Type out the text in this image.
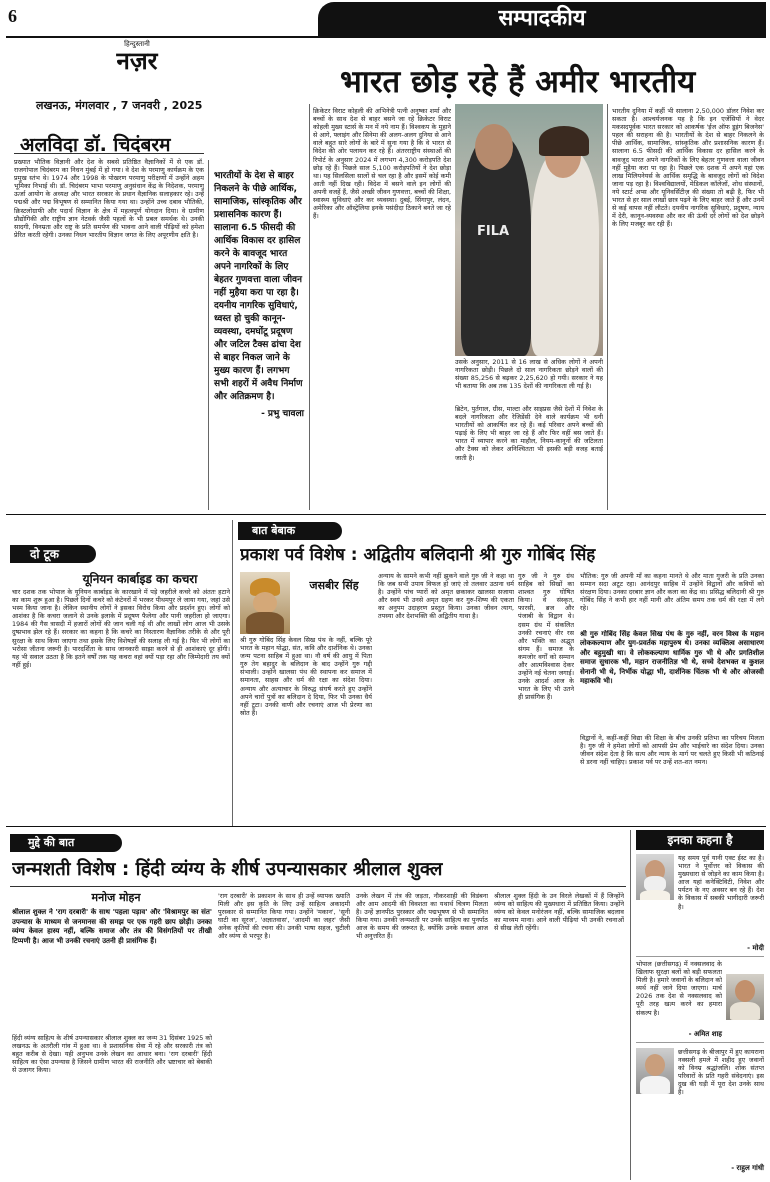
6	सम्पादकीय
हिन्दुस्तानी
नज़र
लखनऊ, मंगलवार , 7 जनवरी , 2025
भारत छोड़ रहे हैं अमीर भारतीय
क्रिकेटर विराट कोहली की अभिनेत्री पत्नी अनुष्का शर्मा और बच्चों के साथ देश से बाहर बसने जा रहे क्रिकेटर विराट कोहली मुख्य स्टार्स के मन में नये नाम हैं। विश्वकप के मुहाने से आगे, फ्लाइंग और सिनेमा की अलग-अलग दुनिया से आने वाले बहुत सारे लोगों के बारे में सुना गया है कि वे भारत से विदेश की ओर पलायन कर रहे हैं। अंतरराष्ट्रीय संस्थाओं की रिपोर्ट के अनुसार 2024 में लगभग 4,300 करोड़पति देश छोड़ रहे हैं। पिछले साल 5,100 करोड़पतियों ने देश छोड़ा था। यह सिलसिला सालों से चल रहा है और इसमें कोई कमी आती नहीं दिख रही। विदेश में बसने वाले इन लोगों की अपनी वजहें हैं, जैसे अच्छी जीवन गुणवत्ता, बच्चों की शिक्षा, स्वास्थ्य सुविधाएं और कर व्यवस्था। दुबई, सिंगापुर, लंदन, अमेरिका और ऑस्ट्रेलिया इनके पसंदीदा ठिकाने बनते जा रहे हैं।
FILA
उसके अनुसार, 2011 से 16 लाख से अधिक लोगों ने अपनी नागरिकता छोड़ी। पिछले दो साल नागरिकता छोड़ने वालों की संख्या 85,256 से बढ़कर 2,25,620 हो गयी। सरकार ने यह भी बताया कि अब तक 135 देशों की नागरिकता ली गई है।
ब्रिटेन, पुर्तगाल, ग्रीस, माल्टा और साइप्रस जैसे देशों में निवेश के बदले नागरिकता और रेजिडेंसी देने वाले कार्यक्रम भी धनी भारतीयों को आकर्षित कर रहे हैं। कई परिवार अपने बच्चों की पढ़ाई के लिए भी बाहर जा रहे हैं और फिर वहीं बस जाते हैं। भारत में व्यापार करने का माहौल, नियम-कानूनों की जटिलता और टैक्स को लेकर अनिश्चितता भी इसकी बड़ी वजह बताई जाती है।
भारतीय दुनिया में कहीं भी सालाना 2,50,000 डॉलर निवेश कर सकता है। आश्चर्यजनक यह है कि इन एजेंसियों ने वेदर मकसदपूर्वक भारत सरकार को आकर्षक 'ईज ऑफ डूइंग बिजनेस' पहल की सराहना की है। भारतीयों के देश से बाहर निकलने के पीछे आर्थिक, सामाजिक, सांस्कृतिक और प्रशासनिक कारण हैं। सालाना 6.5 फीसदी की आर्थिक विकास दर हासिल करने के बावजूद भारत अपने नागरिकों के लिए बेहतर गुणवत्ता वाला जीवन नहीं मुहैया करा पा रहा है। पिछले एक दशक में अपने यहां एक लाख मिलियनेयर्स के आर्थिक समृद्धि के बावजूद लोगों को विदेश जाना पड़ रहा है। विश्वविद्यालयों, मेडिकल कॉलेजों, शोध संस्थानों, नये स्टार्ट अप्स और यूनिवर्सिटीज़ की संख्या तो बढ़ी है, फिर भी भारत से हर साल लाखों छात्र पढ़ने के लिए बाहर जाते हैं और उनमें से कई वापस नहीं लौटते। दयनीय नागरिक सुविधाएं, प्रदूषण, न्याय में देरी, कानून-व्यवस्था और कर की ऊंची दरें लोगों को देश छोड़ने के लिए मजबूर कर रही हैं।
भारतीयों के देश से बाहर निकलने के पीछे आर्थिक, सामाजिक, सांस्कृतिक और प्रशासनिक कारण हैं। सालाना 6.5 फीसदी की आर्थिक विकास दर हासिल करने के बावजूद भारत अपने नागरिकों के लिए बेहतर गुणवत्ता वाला जीवन नहीं मुहैया करा पा रहा है। दयनीय नागरिक सुविधाएं, ध्वस्त हो चुकी कानून-व्यवस्था, दमघोंटू प्रदूषण और जटिल टैक्स ढांचा देश से बाहर निकल जाने के मुख्य कारण हैं। लगभग सभी शहरों में अवैध निर्माण और अतिक्रमण है।
- प्रभु चावला
अलविदा डॉ. चिदंबरम
प्रख्यात भौतिक विज्ञानी और देश के सबसे प्रतिष्ठित वैज्ञानिकों में से एक डॉ. राजगोपाल चिदंबरम का निधन मुंबई में हो गया। वे देश के परमाणु कार्यक्रम के एक प्रमुख स्तंभ थे। 1974 और 1998 के पोखरण परमाणु परीक्षणों में उन्होंने अहम भूमिका निभाई थी। डॉ. चिदंबरम भाभा परमाणु अनुसंधान केंद्र के निदेशक, परमाणु ऊर्जा आयोग के अध्यक्ष और भारत सरकार के प्रधान वैज्ञानिक सलाहकार रहे। उन्हें पद्मश्री और पद्म विभूषण से सम्मानित किया गया था। उन्होंने उच्च दबाव भौतिकी, क्रिस्टलोग्राफी और पदार्थ विज्ञान के क्षेत्र में महत्वपूर्ण योगदान दिया। वे ग्रामीण प्रौद्योगिकी और राष्ट्रीय ज्ञान नेटवर्क जैसी पहलों के भी प्रबल समर्थक थे। उनकी सादगी, विनम्रता और राष्ट्र के प्रति समर्पण की भावना आने वाली पीढ़ियों को हमेशा प्रेरित करती रहेगी। उनका निधन भारतीय विज्ञान जगत के लिए अपूरणीय क्षति है।
दो टूक
यूनियन कार्बाइड का कचरा
चार दशक तक भोपाल के यूनियन कार्बाइड के कारखाने में पड़े जहरीले कचरे को अंततः हटाने का काम शुरू हुआ है। पिछले दिनों कचरे को कंटेनरों में भरकर पीथमपुर ले जाया गया, जहां उसे भस्म किया जाना है। लेकिन स्थानीय लोगों ने इसका विरोध किया और प्रदर्शन हुए। लोगों को आशंका है कि कचरा जलाने से उनके इलाके में प्रदूषण फैलेगा और पानी जहरीला हो जाएगा। 1984 की गैस त्रासदी में हजारों लोगों की जान चली गई थी और लाखों लोग आज भी उसके दुष्प्रभाव झेल रहे हैं। सरकार का कहना है कि कचरे का निस्तारण वैज्ञानिक तरीके से और पूरी सुरक्षा के साथ किया जाएगा तथा इसके लिए विशेषज्ञों की सलाह ली गई है। फिर भी लोगों का भरोसा जीतना जरूरी है। पारदर्शिता के साथ जानकारी साझा करने से ही आशंकाएं दूर होंगी। यह भी सवाल उठता है कि इतने वर्षों तक यह कचरा वहां क्यों पड़ा रहा और जिम्मेदारी तय क्यों नहीं हुई।
बात बेबाक
प्रकाश पर्व विशेष : अद्वितीय बलिदानी श्री गुरु गोबिंद सिंह
जसबीर सिंह
श्री गुरु गोबिंद सिंह केवल सिख पंथ के नहीं, बल्कि पूरे भारत के महान योद्धा, संत, कवि और दार्शनिक थे। उनका जन्म पटना साहिब में हुआ था। नौ वर्ष की आयु में पिता गुरु तेग बहादुर के बलिदान के बाद उन्होंने गुरु गद्दी संभाली। उन्होंने खालसा पंथ की स्थापना कर समाज में समानता, साहस और धर्म की रक्षा का संदेश दिया। अन्याय और अत्याचार के विरुद्ध संघर्ष करते हुए उन्होंने अपने चारों पुत्रों का बलिदान दे दिया, फिर भी उनका धैर्य नहीं टूटा। उनकी वाणी और रचनाएं आज भी प्रेरणा का स्रोत हैं।
अन्याय के सामने कभी नहीं झुकने वाले गुरु जी ने कहा था कि जब सभी उपाय विफल हो जाएं तो तलवार उठाना धर्म है। उन्होंने पांच प्यारों को अमृत छकाकर खालसा सजाया और स्वयं भी उनसे अमृत ग्रहण कर गुरु-शिष्य की एकता का अनुपम उदाहरण प्रस्तुत किया। उनका जीवन त्याग, तपस्या और देशभक्ति की अद्वितीय गाथा है।
गुरु जी ने गुरु ग्रंथ साहिब को सिखों का शाश्वत गुरु घोषित किया। वे संस्कृत, फारसी, ब्रज और पंजाबी के विद्वान थे। दसम ग्रंथ में संकलित उनकी रचनाएं वीर रस और भक्ति का अद्भुत संगम हैं। समाज के कमजोर वर्गों को सम्मान और आत्मविश्वास देकर उन्होंने नई चेतना जगाई। उनके आदर्श आज के भारत के लिए भी उतने ही प्रासंगिक हैं।
भौतिक: गुरु जी अपनी माँ का कहना मानते थे और माता गुजरी के प्रति उनका सम्मान सदा अटूट रहा। आनंदपुर साहिब में उन्होंने विद्वानों और कवियों को संरक्षण दिया। उनका दरबार ज्ञान और कला का केंद्र था। प्रसिद्ध बलिदानी श्री गुरु गोबिंद सिंह ने कभी हार नहीं मानी और अंतिम समय तक धर्म की रक्षा में लगे रहे।
श्री गुरु गोबिंद सिंह केवल सिख पंथ के गुरु नहीं, वरन विश्व के महान लोककल्याण और युग-प्रवर्तक महापुरुष थे। उनका व्यक्तित्व असाधारण और बहुमुखी था। वे लोककल्याण धार्मिक गुरु भी थे और प्रगतिशील समाज सुधारक भी, महान राजनीतिज्ञ भी थे, सच्चे देशभक्त व कुशल सेनानी भी थे, निर्भीक योद्धा भी, दार्शनिक चिंतक भी थे और ओजस्वी महाकवि भी।
विद्वानों ने, कहीं-कहीं विद्या की शिक्षा के बीच उनकी प्रतिभा का परिचय मिलता है। गुरु जी ने हमेशा लोगों को आपसी प्रेम और भाईचारे का संदेश दिया। उनका जीवन संदेश देता है कि सत्य और न्याय के मार्ग पर चलते हुए किसी भी कठिनाई से डरना नहीं चाहिए। प्रकाश पर्व पर उन्हें शत-शत नमन।
मुद्दे की बात
जन्मशती विशेष : हिंदी व्यंग्य के शीर्ष उपन्यासकार श्रीलाल शुक्ल
मनोज मोहन
श्रीलाल शुक्ल ने 'राग दरबारी' के साथ 'पहला पड़ाव' और 'विश्रामपुर का संत' उपन्यास के माध्यम से जनमानस की समझ पर एक गहरी छाप छोड़ी। उनका व्यंग्य केवल हास्य नहीं, बल्कि समाज और तंत्र की विसंगतियों पर तीखी टिप्पणी है। आज भी उनकी रचनाएं उतनी ही प्रासंगिक हैं।
हिंदी व्यंग्य साहित्य के शीर्ष उपन्यासकार श्रीलाल शुक्ल का जन्म 31 दिसंबर 1925 को लखनऊ के अतरौली गांव में हुआ था। वे प्रशासनिक सेवा में रहे और सरकारी तंत्र को बहुत करीब से देखा। यही अनुभव उनके लेखन का आधार बना। 'राग दरबारी' हिंदी साहित्य का ऐसा उपन्यास है जिसने ग्रामीण भारत की राजनीति और भ्रष्टाचार को बेबाकी से उजागर किया।
'राग दरबारी' के प्रकाशन के साथ ही उन्हें व्यापक ख्याति मिली और इस कृति के लिए उन्हें साहित्य अकादमी पुरस्कार से सम्मानित किया गया। उन्होंने 'मकान', 'सूनी घाटी का सूरज', 'अज्ञातवास', 'आदमी का जहर' जैसी अनेक कृतियों की रचना की। उनकी भाषा सहज, चुटीली और व्यंग्य से भरपूर है।
उनके लेखन में तंत्र की जड़ता, नौकरशाही की विडंबना और आम आदमी की विवशता का यथार्थ चित्रण मिलता है। उन्हें ज्ञानपीठ पुरस्कार और पद्मभूषण से भी सम्मानित किया गया। उनकी जन्मशती पर उनके साहित्य का पुनर्पाठ आज के समय की जरूरत है, क्योंकि उनके सवाल आज भी अनुत्तरित हैं।
श्रीलाल शुक्ल हिंदी के उन विरले लेखकों में हैं जिन्होंने व्यंग्य को साहित्य की मुख्यधारा में प्रतिष्ठित किया। उन्होंने व्यंग्य को केवल मनोरंजन नहीं, बल्कि सामाजिक बदलाव का माध्यम माना। आने वाली पीढ़ियां भी उनकी रचनाओं से सीख लेती रहेंगी।
इनका कहना है
यह समय पूर्व यानी एक्ट ईस्ट का है। भारत ने पूर्वोत्तर को विकास की मुख्यधारा से जोड़ने का काम किया है। आज यहां कनेक्टिविटी, निवेश और पर्यटन के नए अवसर बन रहे हैं। देश के विकास में सबकी भागीदारी जरूरी है।
- मोदी
भोपाल (छत्तीसगढ़) में नक्सलवाद के खिलाफ सुरक्षा बलों को बड़ी सफलता मिली है। हमारे जवानों के बलिदान को व्यर्थ नहीं जाने दिया जाएगा। मार्च 2026 तक देश से नक्सलवाद को पूरी तरह खत्म करने का हमारा संकल्प है।
- अमित शाह
छत्तीसगढ़ के बीजापुर में हुए कायराना नक्सली हमले में शहीद हुए जवानों को विनम्र श्रद्धांजलि। शोक संतप्त परिवारों के प्रति गहरी संवेदनाएं। इस दुख की घड़ी में पूरा देश उनके साथ है।
- राहुल गांधी
